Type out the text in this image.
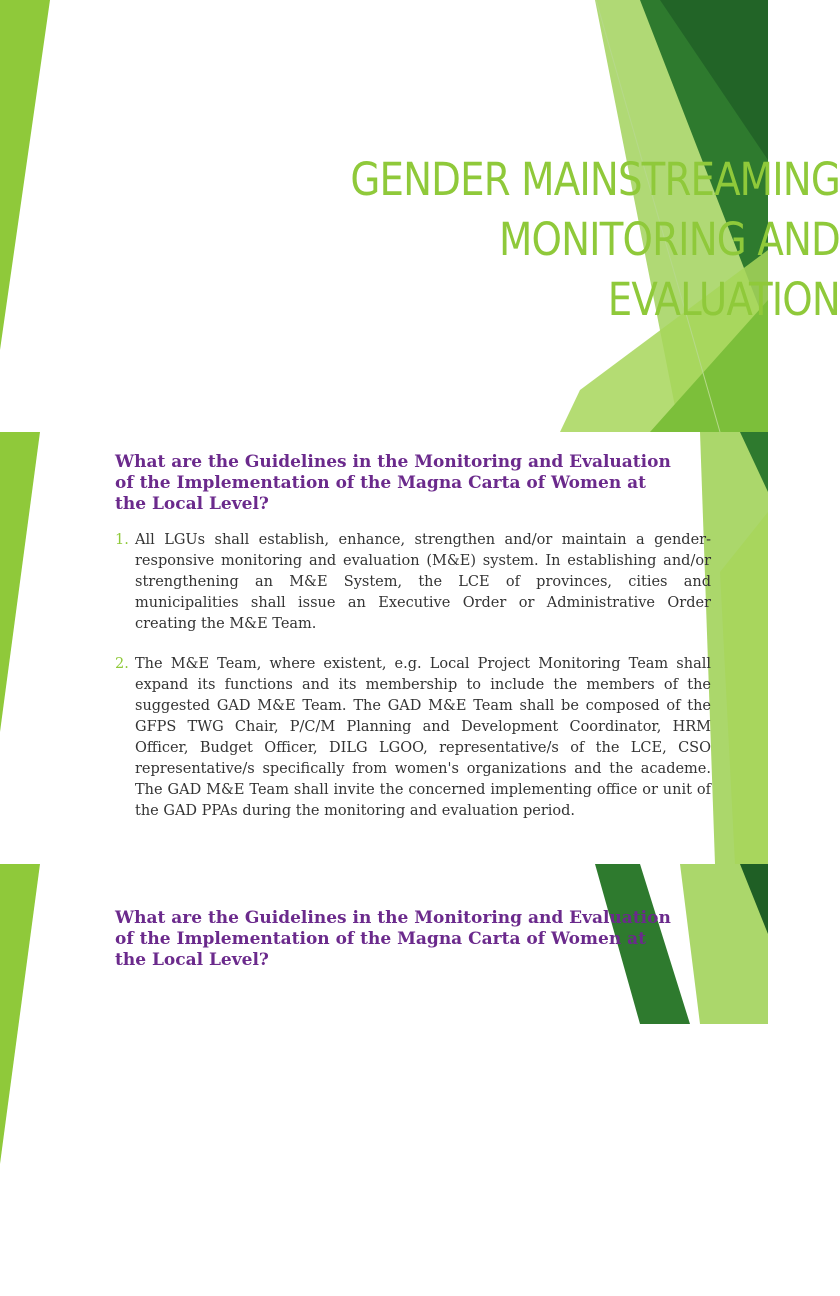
GENDER MAINSTREAMING
MONITORING AND
EVALUATION
What are the Guidelines in the Monitoring and Evaluation of the Implementation of the Magna Carta of Women at the Local Level?
1. All LGUs shall establish, enhance, strengthen and/or maintain a gender-responsive monitoring and evaluation (M&E) system. In establishing and/or strengthening an M&E System, the LCE of provinces, cities and municipalities shall issue an Executive Order or Administrative Order creating the M&E Team.
2. The M&E Team, where existent, e.g. Local Project Monitoring Team shall expand its functions and its membership to include the members of the suggested GAD M&E Team. The GAD M&E Team shall be composed of the GFPS TWG Chair, P/C/M Planning and Development Coordinator, HRM Officer, Budget Officer, DILG LGOO, representative/s of the LCE, CSO representative/s specifically from women's organizations and the academe. The GAD M&E Team shall invite the concerned implementing office or unit of the GAD PPAs during the monitoring and evaluation period.
What are the Guidelines in the Monitoring and Evaluation of the Implementation of the Magna Carta of Women at the Local Level?
